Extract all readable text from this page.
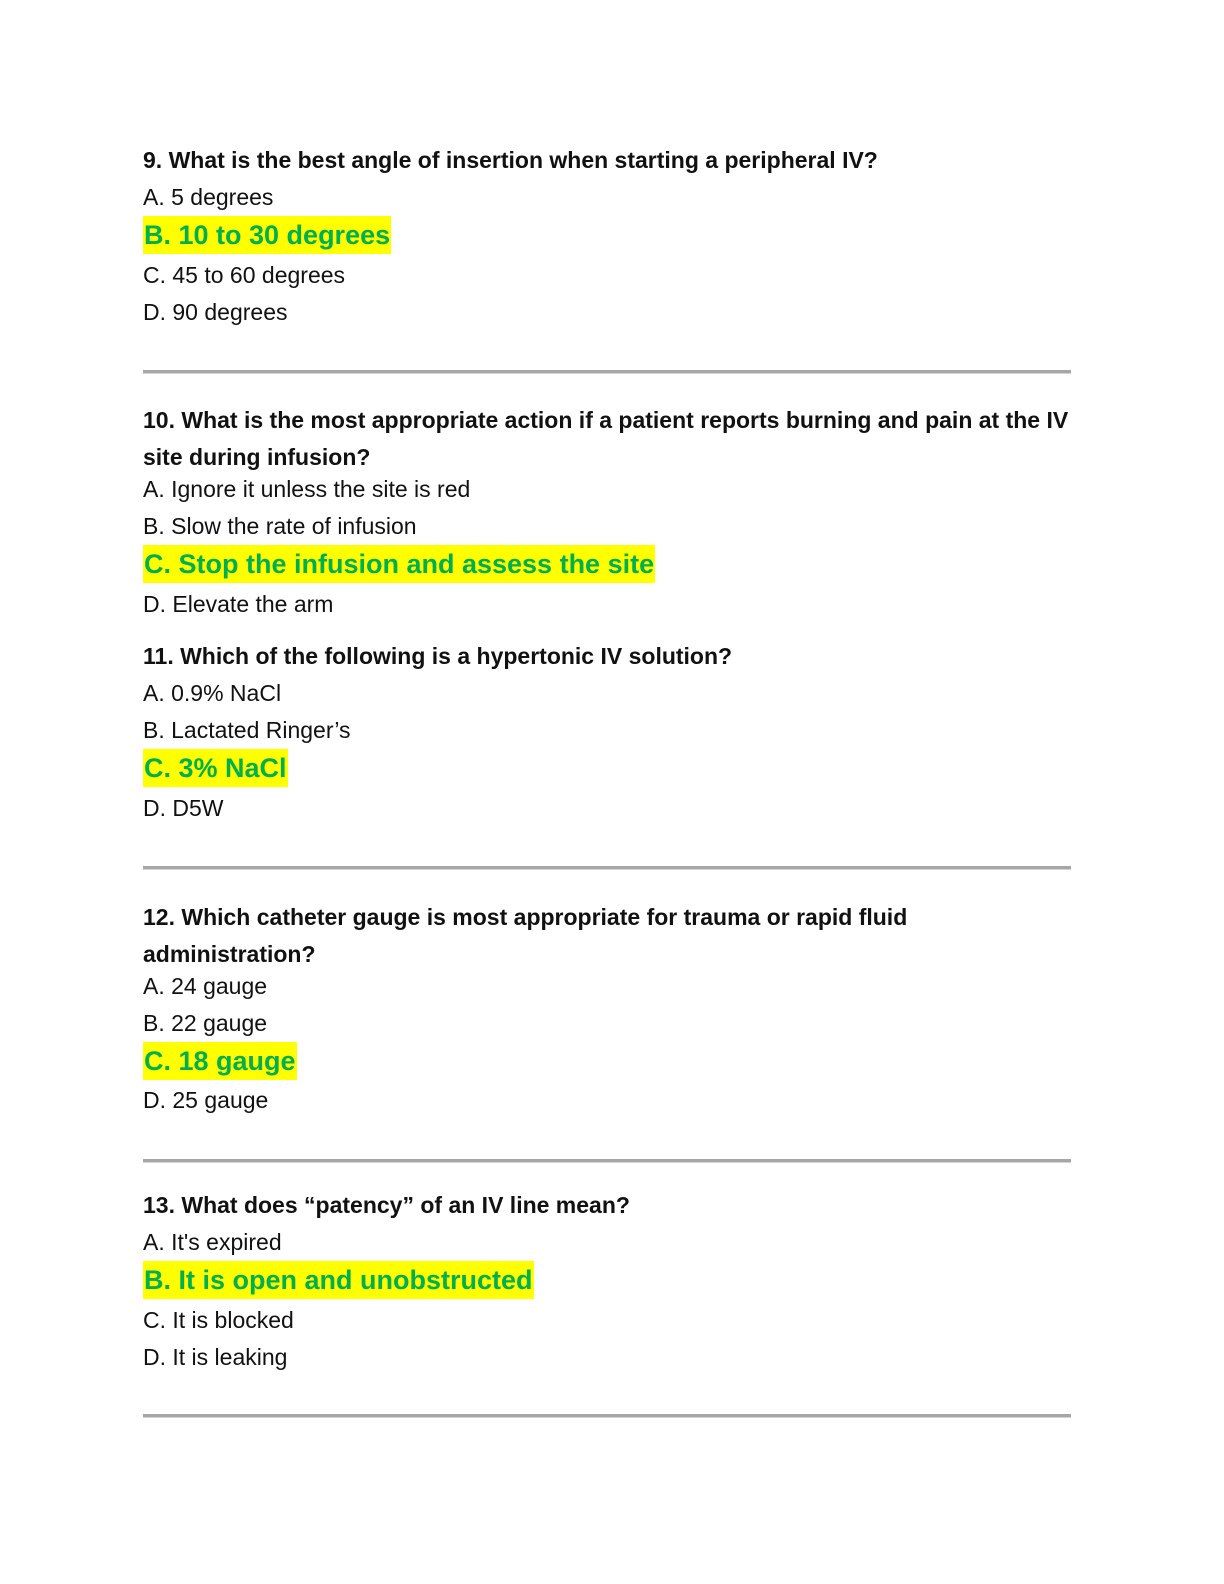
9. What is the best angle of insertion when starting a peripheral IV?
A. 5 degrees
B. 10 to 30 degrees
C. 45 to 60 degrees
D. 90 degrees
10. What is the most appropriate action if a patient reports burning and pain at the IV site during infusion?
A. Ignore it unless the site is red
B. Slow the rate of infusion
C. Stop the infusion and assess the site
D. Elevate the arm
11. Which of the following is a hypertonic IV solution?
A. 0.9% NaCl
B. Lactated Ringer’s
C. 3% NaCl
D. D5W
12. Which catheter gauge is most appropriate for trauma or rapid fluid administration?
A. 24 gauge
B. 22 gauge
C. 18 gauge
D. 25 gauge
13. What does “patency” of an IV line mean?
A. It's expired
B. It is open and unobstructed
C. It is blocked
D. It is leaking
